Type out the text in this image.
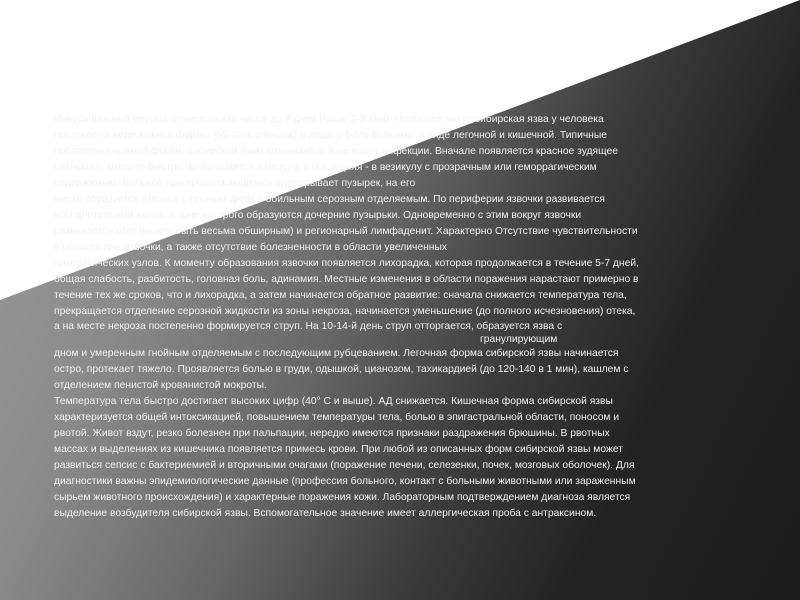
Симптомы, течение
Инкубационный период от нескольких часов до 8 дней (чаще 2-3 дня). Наиболее часто сибирская язва у человека
протекает в виде кожной формы (95-99% случаев) и лишь у 1-5% больных- в виде легочной и кишечной. Типичные
проявления кожной формы сибирской язвы возникают в зоне ворот инфекции. Вначале появляется красное зудящее
пятнышко, которое быстро превращается в папулу, а последняя - в везикулу с прозрачным или геморрагическим
содержимым. Больной при продолжающемся зуде срывает пузырек, на его
месте образуется язвочка с темным дном и обильным серозным отделяемым. По периферии язвочки развивается
воспалительный валик, в зоне которого образуются дочерние пузырьки. Одновременно с этим вокруг язвочки
развивается отек (может быть весьма обширным) и регионарный лимфаденит. Характерно Отсутствие чувствительности
в области дна язвочки, а также отсутствие болезненности в области увеличенных
лимфатических узлов. К моменту образования язвочки появляется лихорадка, которая продолжается в течение 5-7 дней,
общая слабость, разбитость, головная боль, адинамия. Местные изменения в области поражения нарастают примерно в
течение тех же сроков, что и лихорадка, а затем начинается обратное развитие: сначала снижается температура тела,
прекращается отделение серозной жидкости из зоны некроза, начинается уменьшение (до полного исчезновения) отека,
а на месте некроза постепенно формируется струп. На 10-14-й день струп отторгается, образуется язва с
гранулирующим
дном и умеренным гнойным отделяемым с последующим рубцеванием. Легочная форма сибирской язвы начинается
остро, протекает тяжело. Проявляется болью в груди, одышкой, цианозом, тахикардией (до 120-140 в 1 мин), кашлем с
отделением пенистой кровянистой мокроты.
Температура тела быстро достигает высоких цифр (40° С и выше). АД снижается. Кишечная форма сибирской язвы
характеризуется общей интоксикацией, повышением температуры тела, болью в эпигастральной области, поносом и
рвотой. Живот вздут, резко болезнен при пальпации, нередко имеются признаки раздражения брюшины. В рвотных
массах и выделениях из кишечника появляется примесь крови. При любой из описанных форм сибирской язвы может
развиться сепсис с бактериемией и вторичными очагами (поражение печени, селезенки, почек, мозговых оболочек). Для
диагностики важны эпидемиологические данные (профессия больного, контакт с больными животными или зараженным
сырьем животного происхождения) и характерные поражения кожи. Лабораторным подтверждением диагноза является
выделение возбудителя сибирской язвы. Вспомогательное значение имеет аллергическая проба с антраксином.
